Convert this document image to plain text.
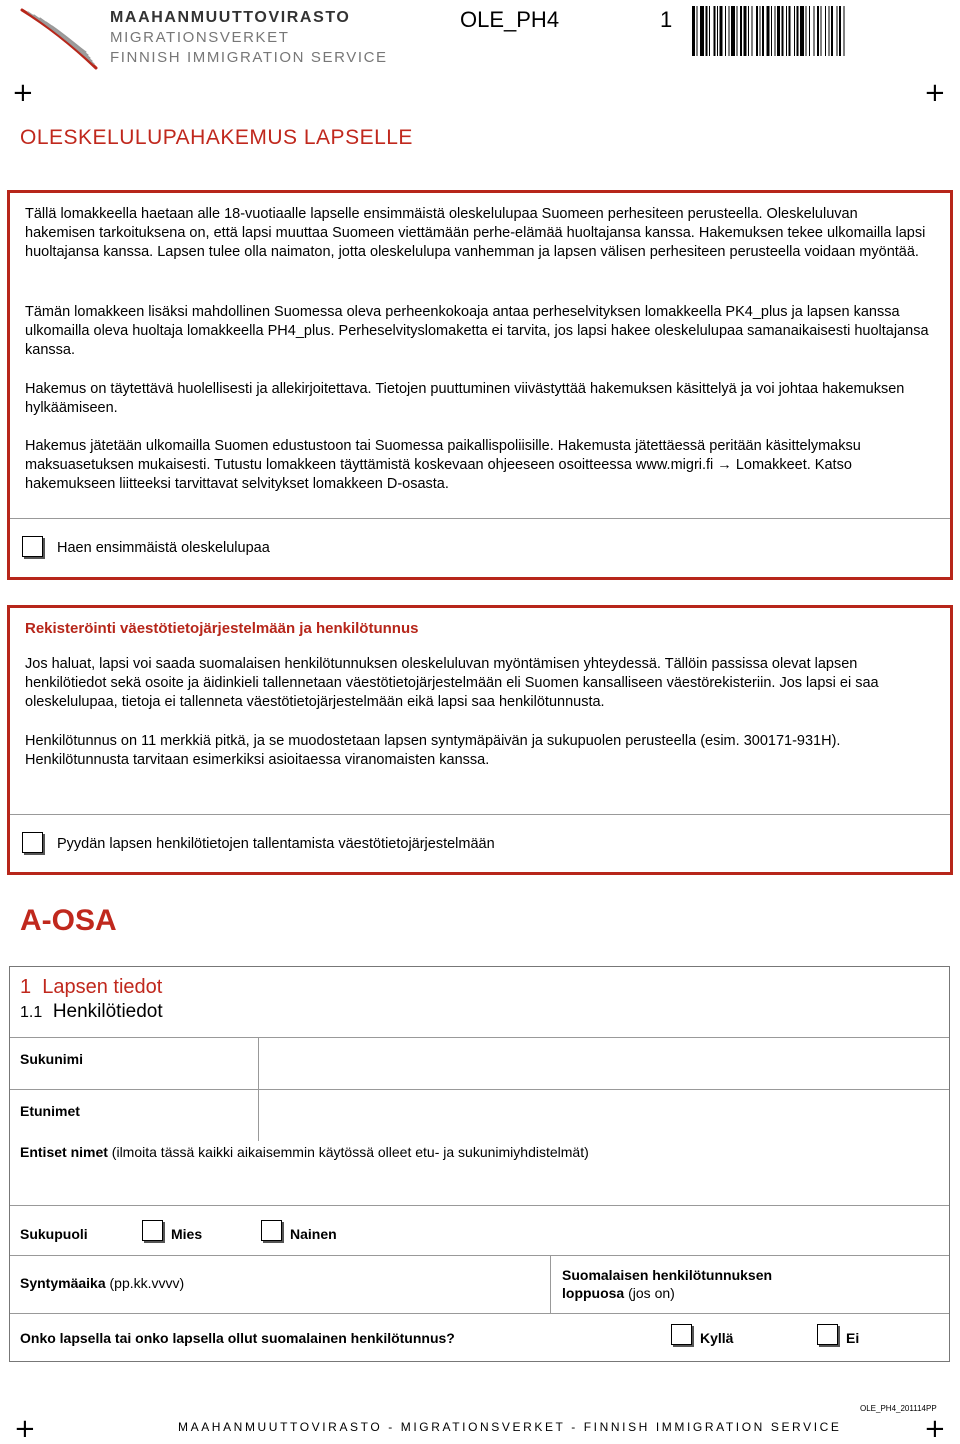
MAAHANMUUTTOVIRASTO
MIGRATIONSVERKET
FINNISH IMMIGRATION SERVICE
OLE_PH4	1
+	+
OLESKELULUPAHAKEMUS LAPSELLE
Tällä lomakkeella haetaan alle 18-vuotiaalle lapselle ensimmäistä oleskelulupaa Suomeen perhesiteen perusteella. Oleskeluluvan hakemisen tarkoituksena on, että lapsi muuttaa Suomeen viettämään perhe-elämää huoltajansa kanssa. Hakemuksen tekee ulkomailla lapsi huoltajansa kanssa. Lapsen tulee olla naimaton, jotta oleskelulupa vanhemman ja lapsen välisen perhesiteen perusteella voidaan myöntää.
Tämän lomakkeen lisäksi mahdollinen Suomessa oleva perheenkokoaja antaa perheselvityksen lomakkeella PK4_plus ja lapsen kanssa ulkomailla oleva huoltaja lomakkeella PH4_plus. Perheselvityslomaketta ei tarvita, jos lapsi hakee oleskelulupaa samanaikaisesti huoltajansa kanssa.
Hakemus on täytettävä huolellisesti ja allekirjoitettava. Tietojen puuttuminen viivästyttää hakemuksen käsittelyä ja voi johtaa hakemuksen hylkäämiseen.
Hakemus jätetään ulkomailla Suomen edustustoon tai Suomessa paikallispoliisille. Hakemusta jätettäessä peritään käsittelymaksu maksuasetuksen mukaisesti. Tutustu lomakkeen täyttämistä koskevaan ohjeeseen osoitteessa www.migri.fi → Lomakkeet. Katso hakemukseen liitteeksi tarvittavat selvitykset lomakkeen D-osasta.
Haen ensimmäistä oleskelulupaa
Rekisteröinti väestötietojärjestelmään ja henkilötunnus
Jos haluat, lapsi voi saada suomalaisen henkilötunnuksen oleskeluluvan myöntämisen yhteydessä. Tällöin passissa olevat lapsen henkilötiedot sekä osoite ja äidinkieli tallennetaan väestötietojärjestelmään eli Suomen kansalliseen väestörekisteriin. Jos lapsi ei saa oleskelulupaa, tietoja ei tallenneta väestötietojärjestelmään eikä lapsi saa henkilötunnusta.
Henkilötunnus on 11 merkkiä pitkä, ja se muodostetaan lapsen syntymäpäivän ja sukupuolen perusteella (esim. 300171-931H). Henkilötunnusta tarvitaan esimerkiksi asioitaessa viranomaisten kanssa.
Pyydän lapsen henkilötietojen tallentamista väestötietojärjestelmään
A-OSA
1 Lapsen tiedot
1.1 Henkilötiedot
Sukunimi
Etunimet
Entiset nimet (ilmoita tässä kaikki aikaisemmin käytössä olleet etu- ja sukunimiyhdistelmät)
Sukupuoli	Mies	Nainen
Syntymäaika (pp.kk.vvvv)	Suomalaisen henkilötunnuksen loppuosa (jos on)
Onko lapsella tai onko lapsella ollut suomalainen henkilötunnus?	Kyllä	Ei
OLE_PH4_201114PP
+	MAAHANMUUTTOVIRASTO - MIGRATIONSVERKET - FINNISH IMMIGRATION SERVICE	+
